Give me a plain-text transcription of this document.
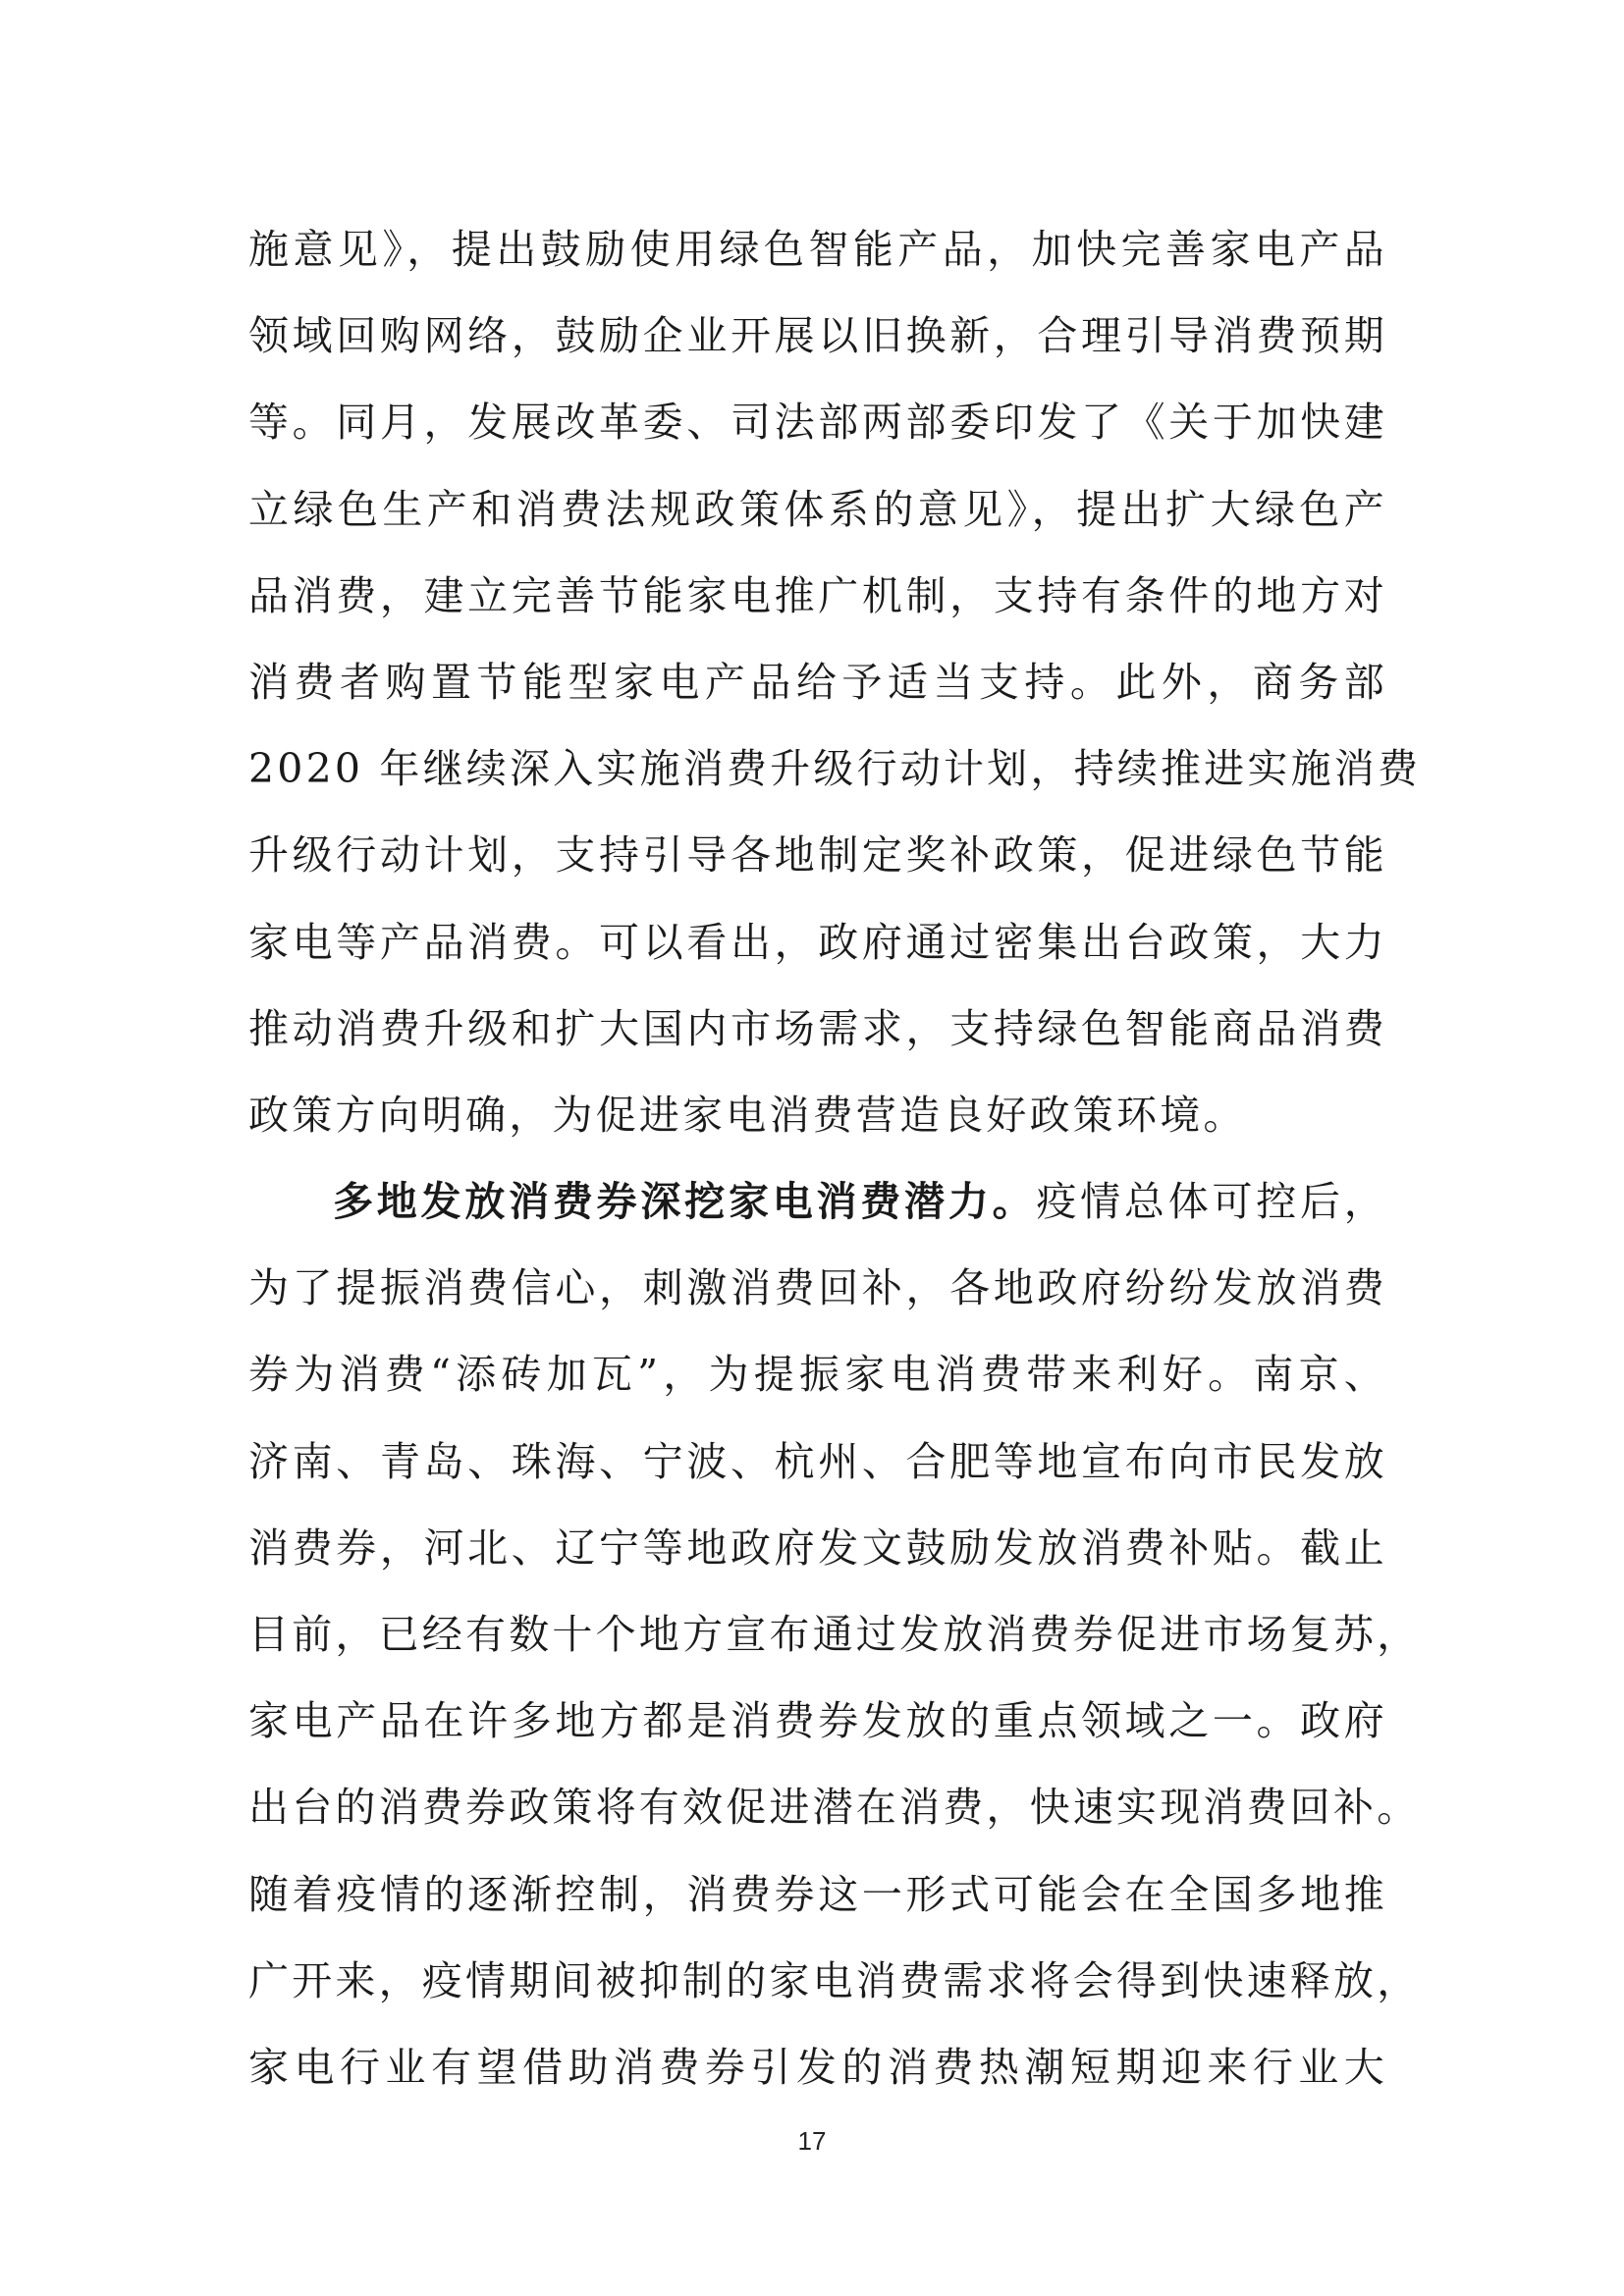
施意见》，提出鼓励使用绿色智能产品，加快完善家电产品
领域回购网络，鼓励企业开展以旧换新，合理引导消费预期
等。同月，发展改革委、司法部两部委印发了《关于加快建
立绿色生产和消费法规政策体系的意见》，提出扩大绿色产
品消费，建立完善节能家电推广机制，支持有条件的地方对
消费者购置节能型家电产品给予适当支持。此外，商务部
2020 年继续深入实施消费升级行动计划，持续推进实施消费
升级行动计划，支持引导各地制定奖补政策，促进绿色节能
家电等产品消费。可以看出，政府通过密集出台政策，大力
推动消费升级和扩大国内市场需求，支持绿色智能商品消费
政策方向明确，为促进家电消费营造良好政策环境。
多地发放消费券深挖家电消费潜力。疫情总体可控后，
为了提振消费信心，刺激消费回补，各地政府纷纷发放消费
券为消费“添砖加瓦”，为提振家电消费带来利好。南京、
济南、青岛、珠海、宁波、杭州、合肥等地宣布向市民发放
消费券，河北、辽宁等地政府发文鼓励发放消费补贴。截止
目前，已经有数十个地方宣布通过发放消费券促进市场复苏，
家电产品在许多地方都是消费券发放的重点领域之一。政府
出台的消费券政策将有效促进潜在消费，快速实现消费回补。
随着疫情的逐渐控制，消费券这一形式可能会在全国多地推
广开来，疫情期间被抑制的家电消费需求将会得到快速释放，
家电行业有望借助消费券引发的消费热潮短期迎来行业大
17
